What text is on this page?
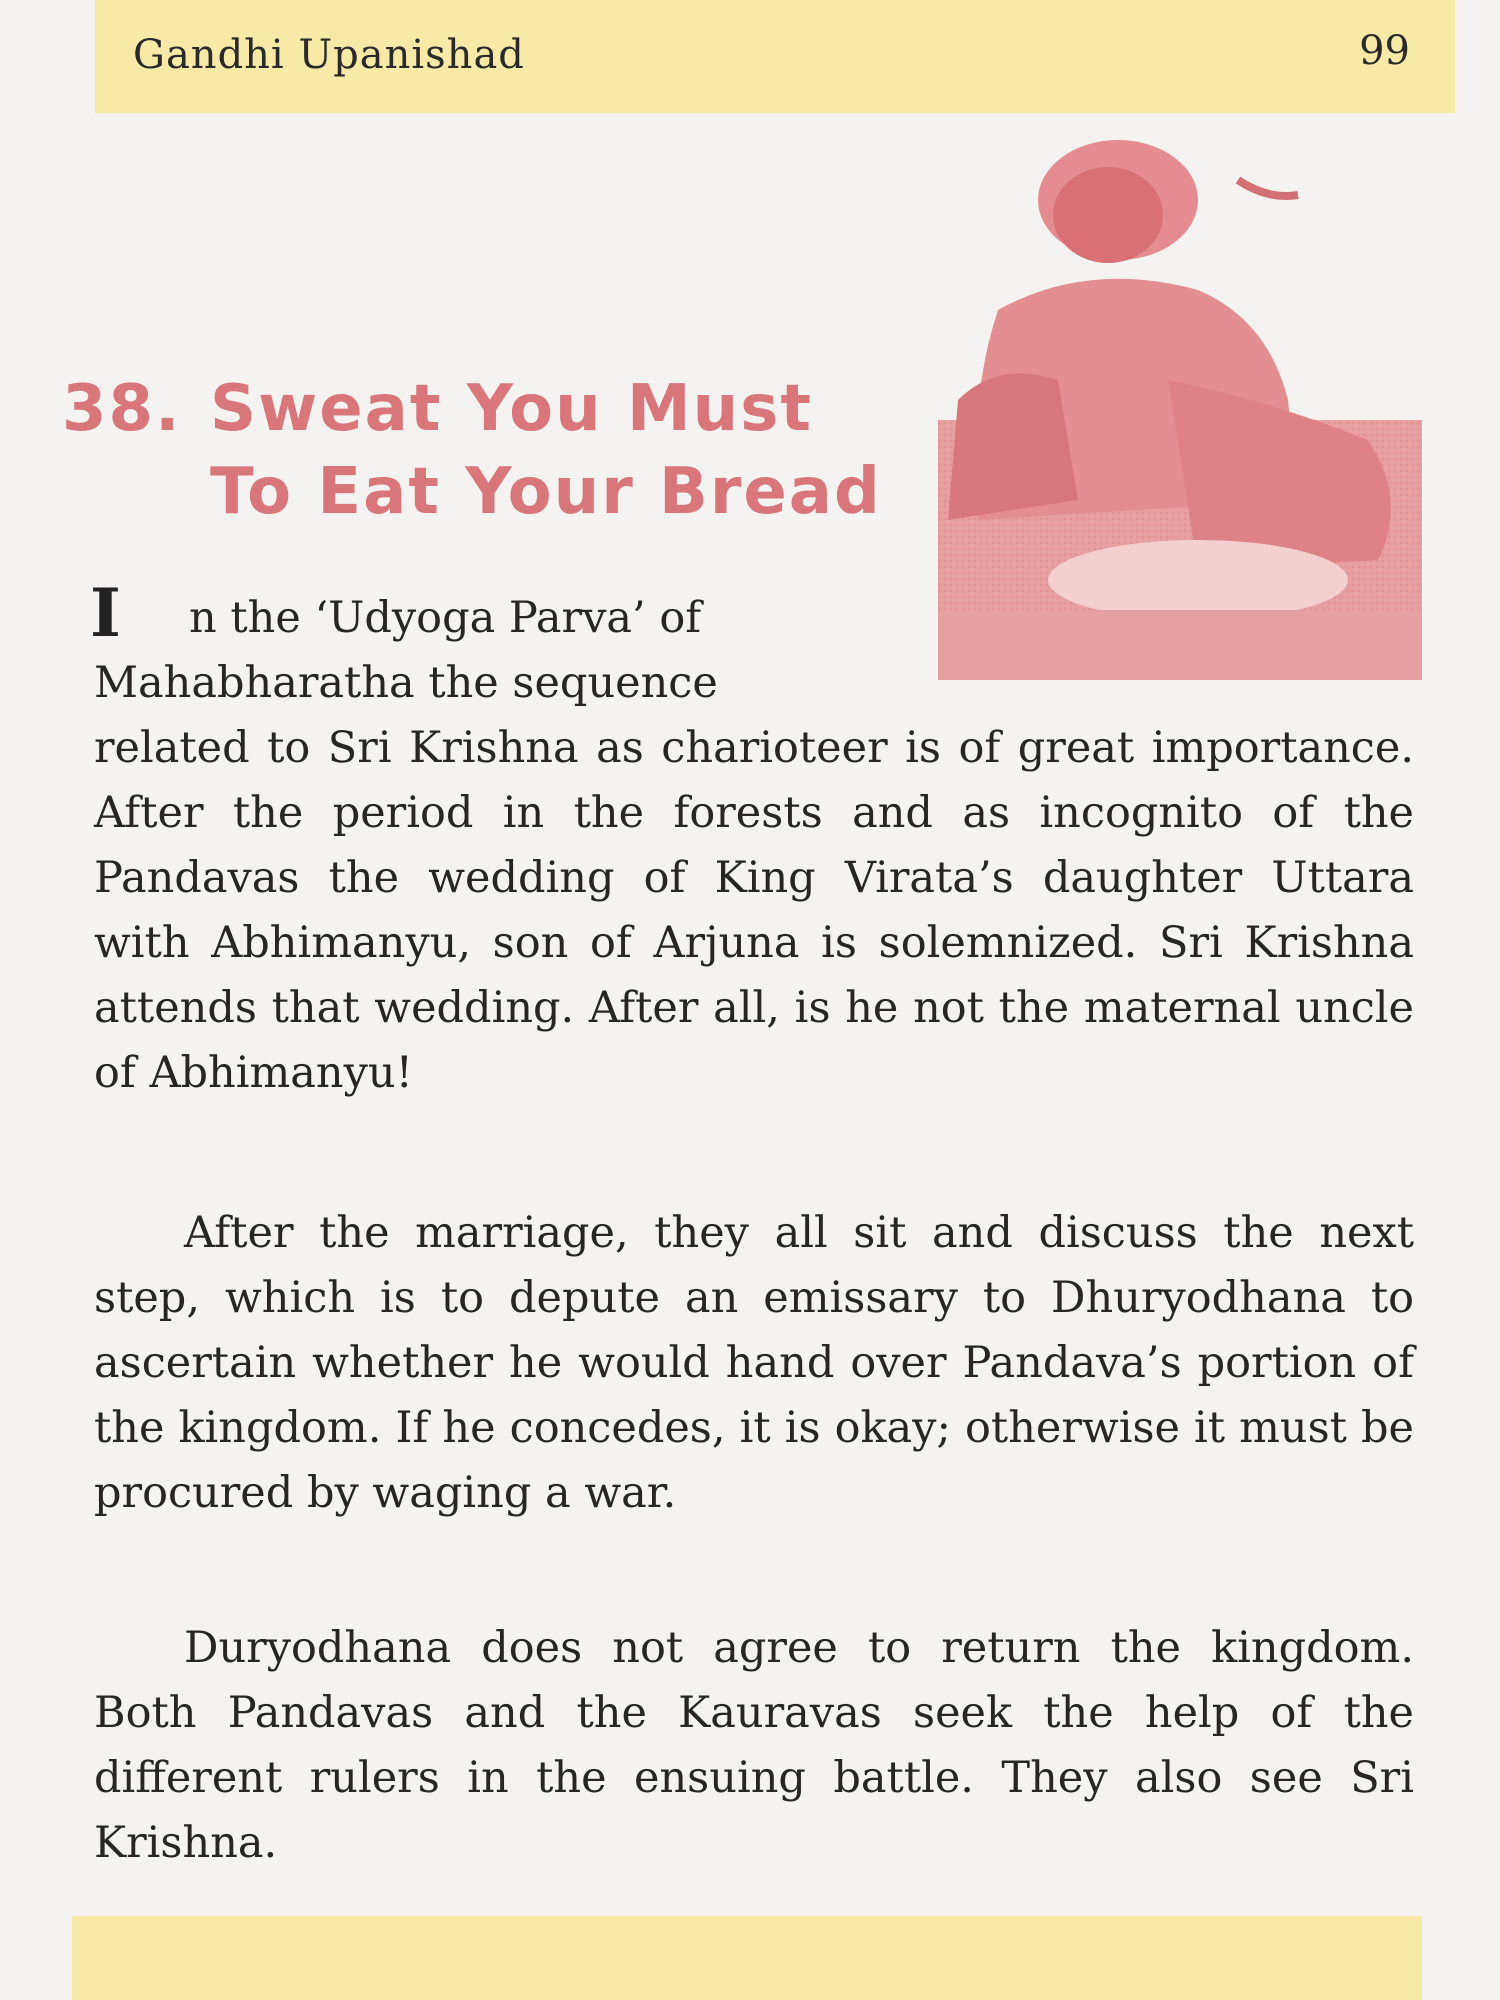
Gandhi Upanishad	99
38. Sweat You Must
To Eat Your Bread
I	n the ‘Udyoga Parva’ of
Mahabharatha the sequence
related to Sri Krishna as charioteer is of great importance. After the period in the forests and as incognito of the Pandavas the wedding of King Virata’s daughter Uttara with Abhimanyu, son of Arjuna is solemnized. Sri Krishna attends that wedding. After all, is he not the maternal uncle of Abhimanyu!
After the marriage, they all sit and discuss the next step, which is to depute an emissary to Dhuryodhana to ascertain whether he would hand over Pandava’s portion of the kingdom. If he concedes, it is okay; otherwise it must be procured by waging a war.
Duryodhana does not agree to return the kingdom. Both Pandavas and the Kauravas seek the help of the different rulers in the ensuing battle. They also see Sri Krishna.
